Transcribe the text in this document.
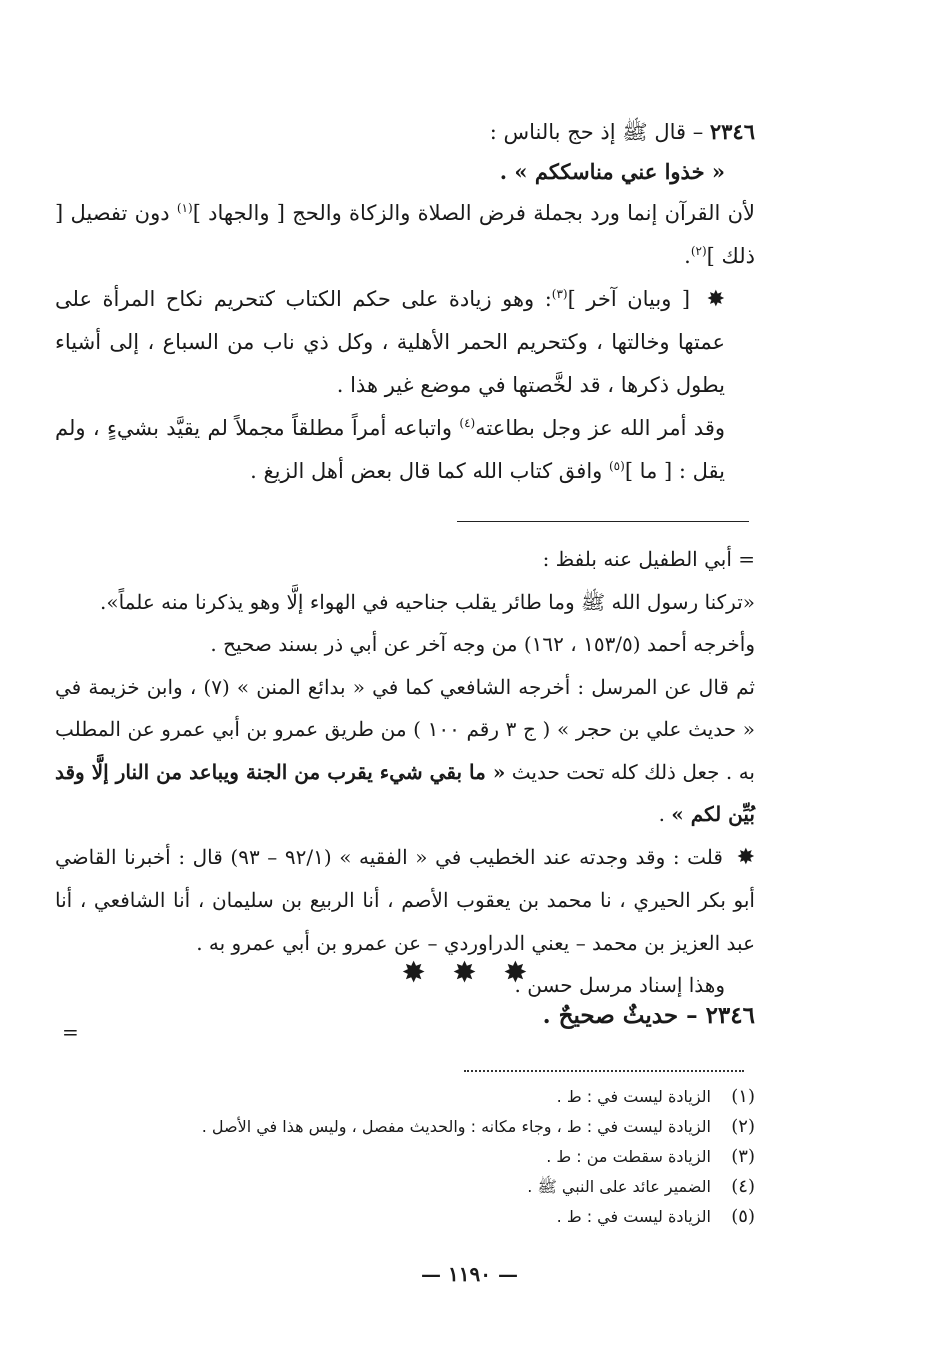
٢٣٤٦ – قال ﷺ إذ حج بالناس :

« خذوا عني مناسككم » .

لأن القرآن إنما ورد بجملة فرض الصلاة والزكاة والحج [ والجهاد ]$^{(١)}$ دون تفصيل [ ذلك ]$^{(٢)}$.

✸ [ وبيان آخر ]$^{(٣)}$: وهو زيادة على حكم الكتاب كتحريم نكاح المرأة على عمتها وخالتها ، وكتحريم الحمر الأهلية ، وكل ذي ناب من السباع ، إلى أشياء يطول ذكرها ، قد لخَّصتها في موضع غير هذا .

وقد أمر الله عز وجل بطاعته$^{(٤)}$ واتباعه أمراً مطلقاً مجملاً لم يقيَّد بشيءٍ ، ولم يقل : [ ما ]$^{(٥)}$ وافق كتاب الله كما قال بعض أهل الزيغ .

= أبي الطفيل عنه بلفظ :

«تركنا رسول الله ﷺ وما طائر يقلب جناحيه في الهواء إلَّا وهو يذكرنا منه علماً».

وأخرجه أحمد (١٥٣/٥ ، ١٦٢) من وجه آخر عن أبي ذر بسند صحيح .

ثم قال عن المرسل : أخرجه الشافعي كما في « بدائع المنن » (٧) ، وابن خزيمة في « حديث علي بن حجر » ( ج ٣ رقم ١٠٠ ) من طريق عمرو بن أبي عمرو عن المطلب به . جعل ذلك كله تحت حديث « ما بقي شيء يقرب من الجنة ويباعد من النار إلَّا وقد بُيِّن لكم » .

✸ قلت : وقد وجدته عند الخطيب في « الفقيه » (٩٢/١ – ٩٣) قال : أخبرنا القاضي أبو بكر الحيري ، نا محمد بن يعقوب الأصم ، أنا الربيع بن سليمان ، أنا الشافعي ، أنا عبد العزيز بن محمد – يعني الدراوردي – عن عمرو بن أبي عمرو به .

وهذا إسناد مرسل حسن .

✸ ✸ ✸
٢٣٤٦ – حديثٌ صحيحٌ .
=
(١)
الزيادة ليست في : ط .
(٢)
الزيادة ليست في : ط ، وجاء مكانه : والحديث مفصل ، وليس هذا في الأصل .
(٣)
الزيادة سقطت من : ط .
(٤)
الضمير عائد على النبي ﷺ .
(٥)
الزيادة ليست في : ط .
— ١١٩٠ —
